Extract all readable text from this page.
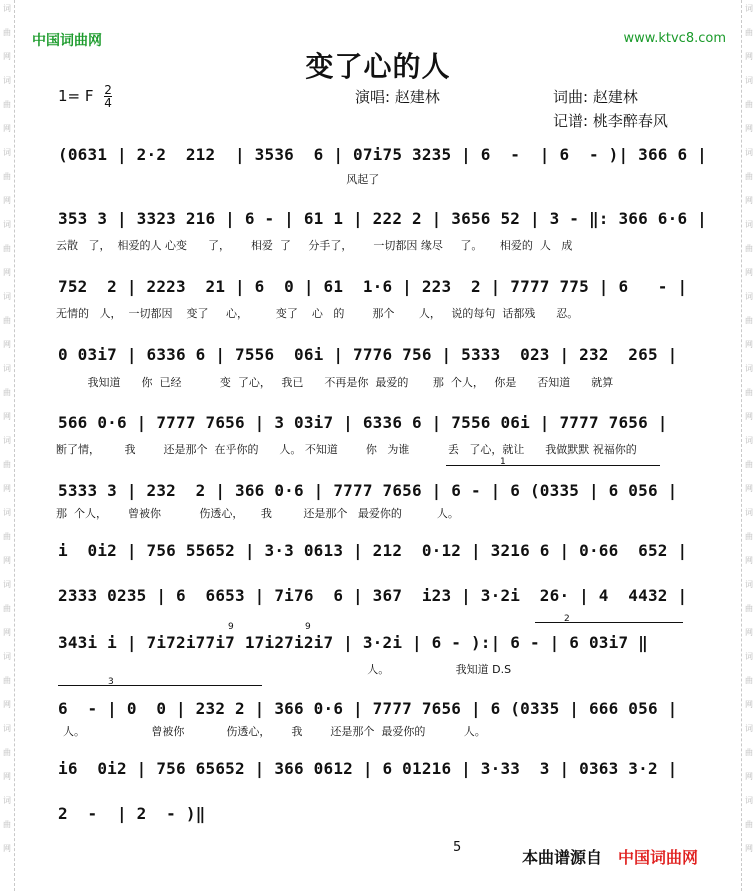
词
曲
网
词
曲
网
词
曲
网
词
曲
网
词
曲
网
词
曲
网
词
曲
网
词
曲
网
词
曲
网
词
曲
网
词
曲
网
词
曲
网
词
曲
网
词
曲
网
词
曲
网
词
曲
网
词
曲
网
词
曲
网
词
曲
网
词
曲
网
词
曲
网
词
曲
网
词
曲
网
词
曲
网
中国词曲网	www.ktvc8.com
变了心的人
1= F $\frac{2}{4}$	演唱: 赵建林	词曲: 赵建林
记谱: 桃李醉春风
(0631 | 2·2  212  | 3536  6 | 07i75 3235 | 6  -  | 6  - )| 366 6 |
风起了
353 3 | 3323 216 | 6 - | 61 1 | 222 2 | 3656 52 | 3 - ‖: 366 6·6 |
云散   了，  相爱的人 心变      了，      相爱  了     分手了，      一切都因 缘尽     了。     相爱的  人   成
752  2 | 2223  21 | 6  0 | 61  1·6 | 223  2 | 7777 775 | 6   - |
无情的   人，  一切都因    变了     心，        变了    心   的        那个       人，   说的每句  话都残      忍。
0 03i7 | 6336 6 | 7556  06i | 7776 756 | 5333  023 | 232  265 |
我知道      你  已经           变  了心，   我已      不再是你  最爱的       那  个人，   你是      否知道      就算
566 0·6 | 7777 7656 | 3 03i7 | 6336 6 | 7556 06i | 7777 7656 |
断了情，       我        还是那个  在乎你的      人。 不知道        你   为谁           丢   了心，就让      我做默默 祝福你的
1
5333 3 | 232  2 | 366 0·6 | 7777 7656 | 6 - | 6 (0335 | 6 056 |
那  个人，      曾被你           伤透心，     我         还是那个   最爱你的          人。
i  0i2 | 756 55652 | 3·3 0613 | 212  0·12 | 3216 6 | 0·66  652 |
2333 0235 | 6  6653 | 7i76  6 | 367  i23 | 3·2i  26· | 4  4432 |
9	9
2
343i i | 7i72i77i7 17i27i2i7 | 3·2i | 6 - ):| 6 - | 6 03i7 ‖
人。                   我知道 D.S
3
6  - | 0  0 | 232 2 | 366 0·6 | 7777 7656 | 6 (0335 | 666 056 |
人。                   曾被你            伤透心，      我        还是那个  最爱你的           人。
i6  0i2 | 756 65652 | 366 0612 | 6 01216 | 3·33  3 | 0363 3·2 |
2  -  | 2  - )‖
5
本曲谱源自 中国词曲网
